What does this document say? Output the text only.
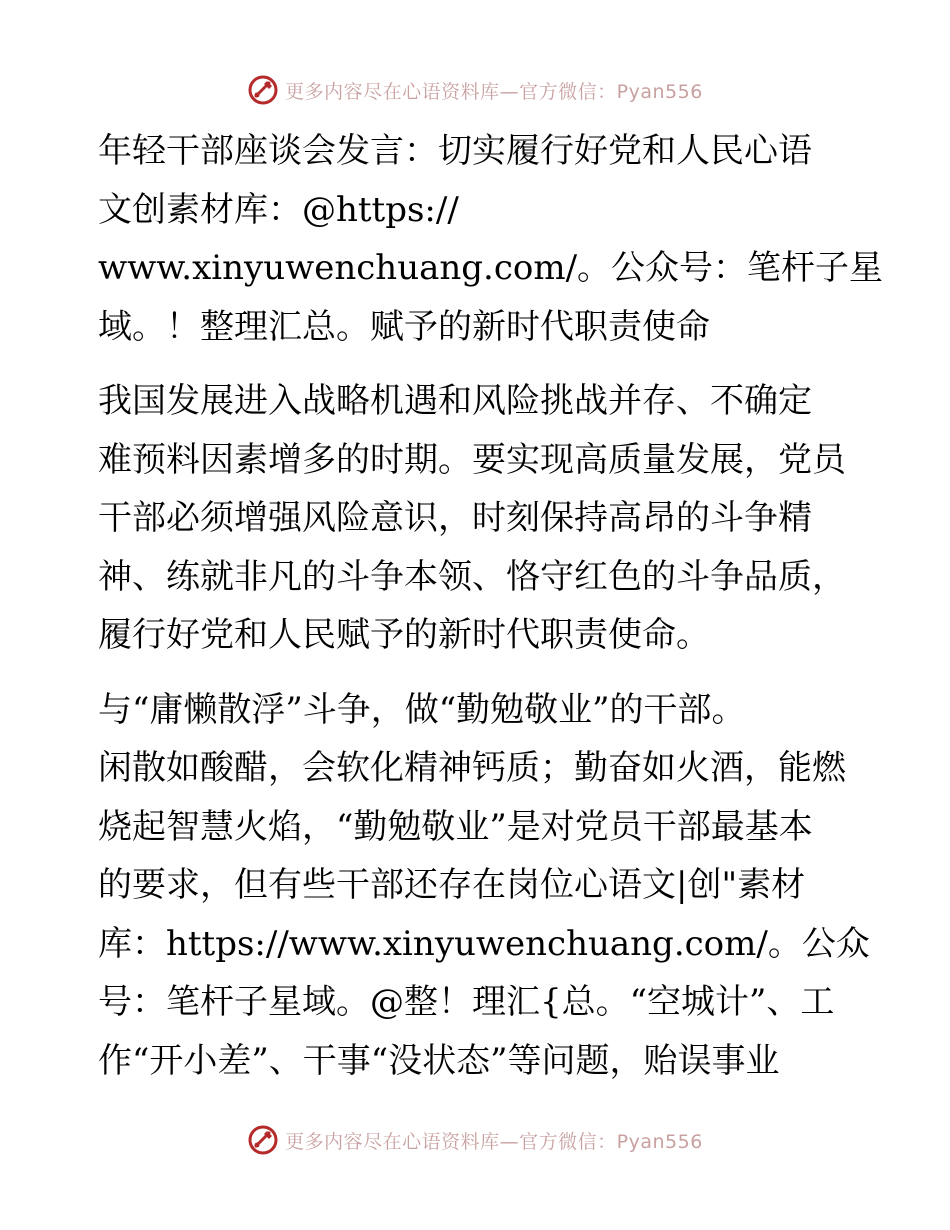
更多内容尽在心语资料库—官方微信：Pyan556

年轻干部座谈会发言：切实履行好党和人民心语
文创素材库：@https://
www.xinyuwenchuang.com/。公众号：笔杆子星
域。！整理汇总。赋予的新时代职责使命

我国发展进入战略机遇和风险挑战并存、不确定
难预料因素增多的时期。要实现高质量发展，党员
干部必须增强风险意识，时刻保持高昂的斗争精
神、练就非凡的斗争本领、恪守红色的斗争品质，
履行好党和人民赋予的新时代职责使命。

与“庸懒散浮”斗争，做“勤勉敬业”的干部。
闲散如酸醋，会软化精神钙质；勤奋如火酒，能燃
烧起智慧火焰，“勤勉敬业”是对党员干部最基本
的要求，但有些干部还存在岗位心语文|创"素材
库：https://www.xinyuwenchuang.com/。公众
号：笔杆子星域。@整！理汇{总。“空城计”、工
作“开小差”、干事“没状态”等问题，贻误事业

更多内容尽在心语资料库—官方微信：Pyan556
